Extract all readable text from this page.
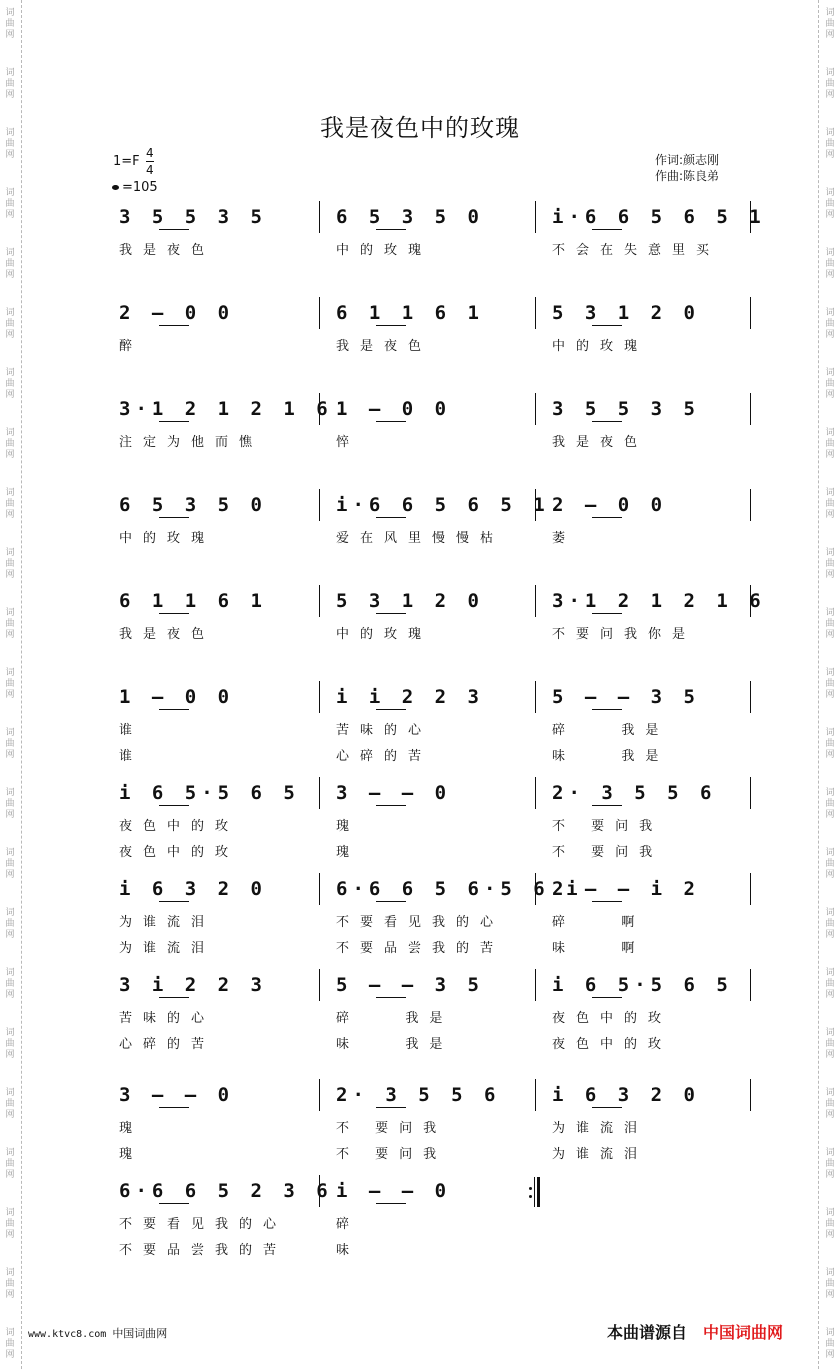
词曲网
词曲网
词曲网
词曲网
词曲网
词曲网
词曲网
词曲网
词曲网
词曲网
词曲网
词曲网
词曲网
词曲网
词曲网
词曲网
词曲网
词曲网
词曲网
词曲网
词曲网
词曲网
词曲网
词曲网
词曲网
词曲网
词曲网
词曲网
词曲网
词曲网
词曲网
词曲网
词曲网
词曲网
词曲网
词曲网
词曲网
词曲网
词曲网
词曲网
词曲网
词曲网
词曲网
词曲网
词曲网
词曲网
我是夜色中的玫瑰
1=F
4
4
=105
作词:颜志刚
作曲:陈良弟
3 5 5 3 5
我是夜色
6 5 3 5 0
中的玫瑰
i·6 6 5 6 5 1
不会在失意里买
2 — 0 0
醉
6 1 1 6 1
我是夜色
5 3 1 2 0
中的玫瑰
3·1 2 1 2 1 6
注定为他而憔
1 — 0 0
悴
3 5 5 3 5
我是夜色
6 5 3 5 0
中的玫瑰
i·6 6 5 6 5 1
爱在风里慢慢枯
2 — 0 0
萎
6 1 1 6 1
我是夜色
5 3 1 2 0
中的玫瑰
3·1 2 1 2 1 6
不要问我你是
1 — 0 0
谁
谁
i i 2 2 3
苦味的心
心碎的苦
5 — — 3 5
碎   我是
味   我是
i 6 5·5 6 5
夜色中的玫
夜色中的玫
3 — — 0
瑰
瑰
2· 3 5 5 6
不 要问我
不 要问我
i 6 3 2 0
为谁流泪
为谁流泪
6·6 6 5 6·5 6 i
不要看见我的心
不要品尝我的苦
2 — — i 2
碎   啊
味   啊
3 i 2 2 3
苦味的心
心碎的苦
5 — — 3 5
碎   我是
味   我是
i 6 5·5 6 5
夜色中的玫
夜色中的玫
3 — — 0
瑰
瑰
2· 3 5 5 6
不 要问我
不 要问我
i 6 3 2 0
为谁流泪
为谁流泪
6·6 6 5 2 3 6
不要看见我的心
不要品尝我的苦
i — — 0
碎
味
www.ktvc8.com 中国词曲网	本曲谱源自 中国词曲网
